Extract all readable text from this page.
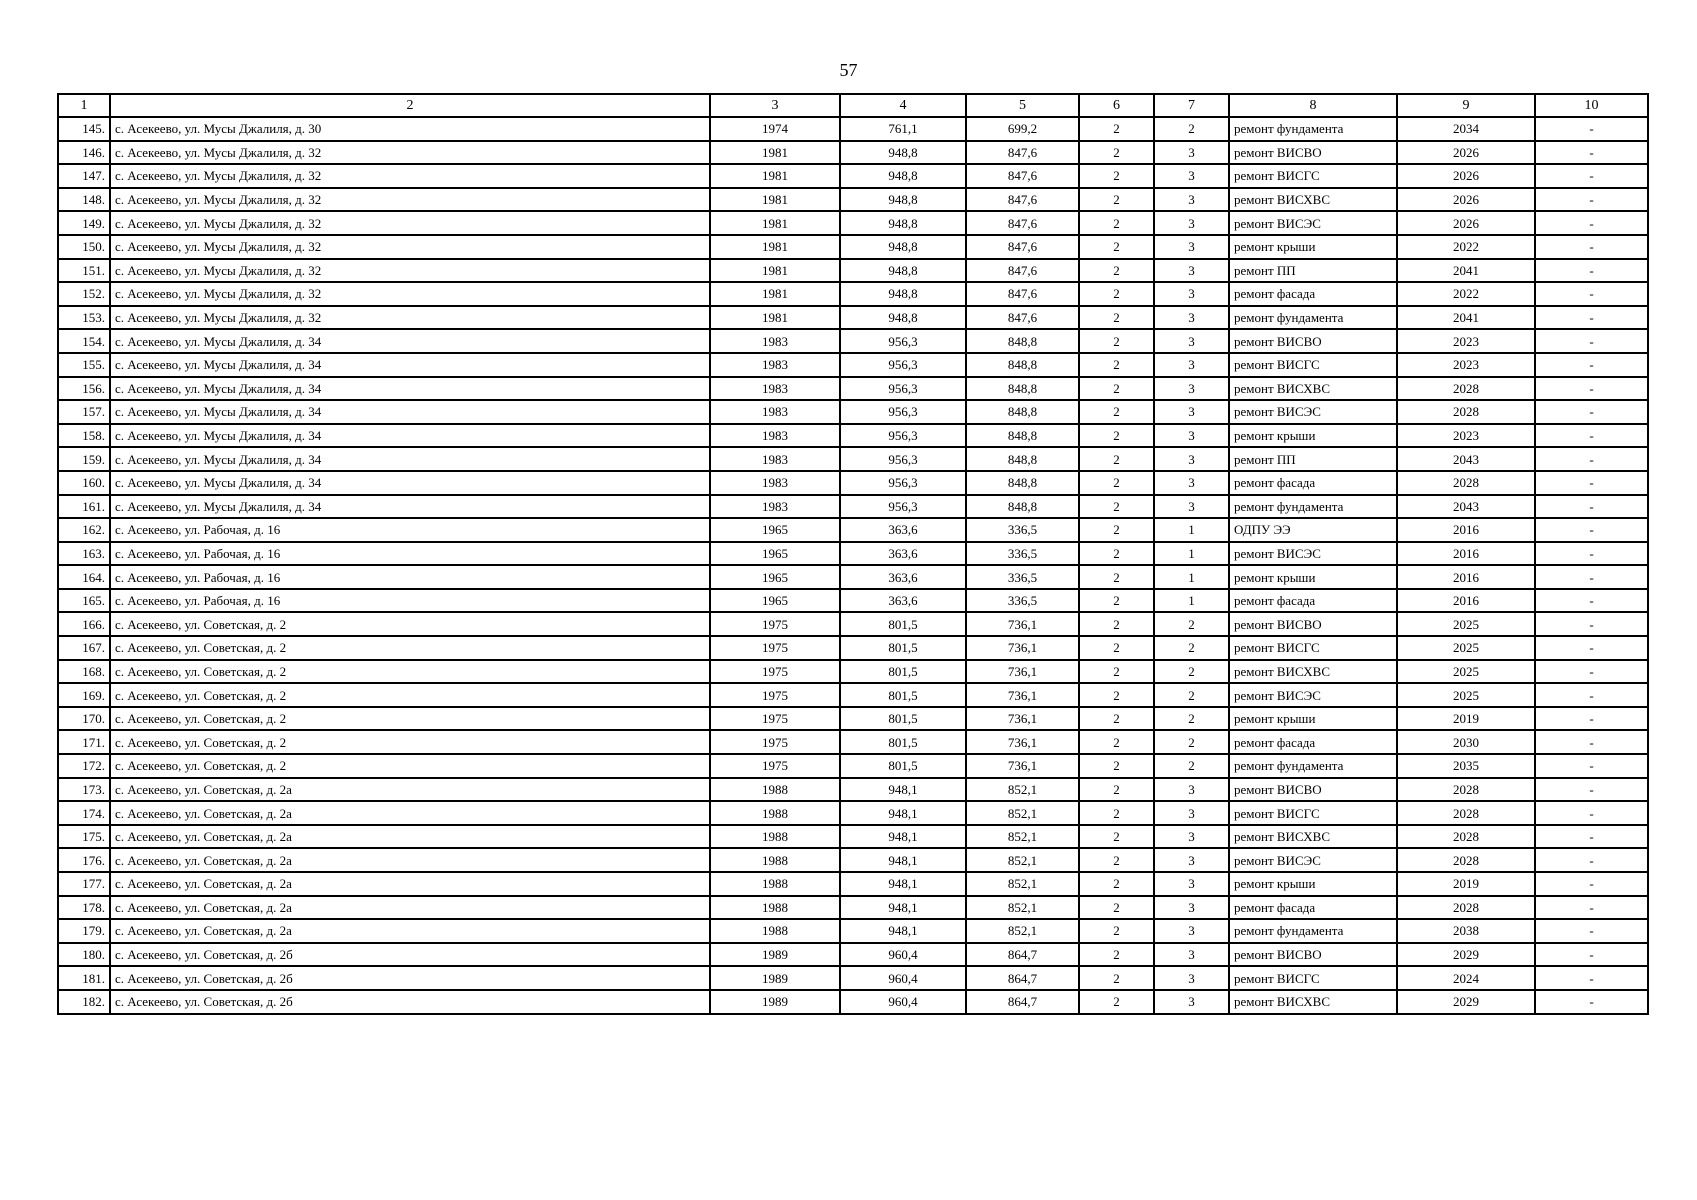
57
1	2	3	4	5	6	7	8	9	10
145.	с. Асекеево, ул. Мусы Джалиля, д. 30	1974	761,1	699,2	2	2	ремонт фундамента	2034	-
146.	с. Асекеево, ул. Мусы Джалиля, д. 32	1981	948,8	847,6	2	3	ремонт ВИСВО	2026	-
147.	с. Асекеево, ул. Мусы Джалиля, д. 32	1981	948,8	847,6	2	3	ремонт ВИСГС	2026	-
148.	с. Асекеево, ул. Мусы Джалиля, д. 32	1981	948,8	847,6	2	3	ремонт ВИСХВС	2026	-
149.	с. Асекеево, ул. Мусы Джалиля, д. 32	1981	948,8	847,6	2	3	ремонт ВИСЭС	2026	-
150.	с. Асекеево, ул. Мусы Джалиля, д. 32	1981	948,8	847,6	2	3	ремонт крыши	2022	-
151.	с. Асекеево, ул. Мусы Джалиля, д. 32	1981	948,8	847,6	2	3	ремонт ПП	2041	-
152.	с. Асекеево, ул. Мусы Джалиля, д. 32	1981	948,8	847,6	2	3	ремонт фасада	2022	-
153.	с. Асекеево, ул. Мусы Джалиля, д. 32	1981	948,8	847,6	2	3	ремонт фундамента	2041	-
154.	с. Асекеево, ул. Мусы Джалиля, д. 34	1983	956,3	848,8	2	3	ремонт ВИСВО	2023	-
155.	с. Асекеево, ул. Мусы Джалиля, д. 34	1983	956,3	848,8	2	3	ремонт ВИСГС	2023	-
156.	с. Асекеево, ул. Мусы Джалиля, д. 34	1983	956,3	848,8	2	3	ремонт ВИСХВС	2028	-
157.	с. Асекеево, ул. Мусы Джалиля, д. 34	1983	956,3	848,8	2	3	ремонт ВИСЭС	2028	-
158.	с. Асекеево, ул. Мусы Джалиля, д. 34	1983	956,3	848,8	2	3	ремонт крыши	2023	-
159.	с. Асекеево, ул. Мусы Джалиля, д. 34	1983	956,3	848,8	2	3	ремонт ПП	2043	-
160.	с. Асекеево, ул. Мусы Джалиля, д. 34	1983	956,3	848,8	2	3	ремонт фасада	2028	-
161.	с. Асекеево, ул. Мусы Джалиля, д. 34	1983	956,3	848,8	2	3	ремонт фундамента	2043	-
162.	с. Асекеево, ул. Рабочая, д. 16	1965	363,6	336,5	2	1	ОДПУ ЭЭ	2016	-
163.	с. Асекеево, ул. Рабочая, д. 16	1965	363,6	336,5	2	1	ремонт ВИСЭС	2016	-
164.	с. Асекеево, ул. Рабочая, д. 16	1965	363,6	336,5	2	1	ремонт крыши	2016	-
165.	с. Асекеево, ул. Рабочая, д. 16	1965	363,6	336,5	2	1	ремонт фасада	2016	-
166.	с. Асекеево, ул. Советская, д. 2	1975	801,5	736,1	2	2	ремонт ВИСВО	2025	-
167.	с. Асекеево, ул. Советская, д. 2	1975	801,5	736,1	2	2	ремонт ВИСГС	2025	-
168.	с. Асекеево, ул. Советская, д. 2	1975	801,5	736,1	2	2	ремонт ВИСХВС	2025	-
169.	с. Асекеево, ул. Советская, д. 2	1975	801,5	736,1	2	2	ремонт ВИСЭС	2025	-
170.	с. Асекеево, ул. Советская, д. 2	1975	801,5	736,1	2	2	ремонт крыши	2019	-
171.	с. Асекеево, ул. Советская, д. 2	1975	801,5	736,1	2	2	ремонт фасада	2030	-
172.	с. Асекеево, ул. Советская, д. 2	1975	801,5	736,1	2	2	ремонт фундамента	2035	-
173.	с. Асекеево, ул. Советская, д. 2а	1988	948,1	852,1	2	3	ремонт ВИСВО	2028	-
174.	с. Асекеево, ул. Советская, д. 2а	1988	948,1	852,1	2	3	ремонт ВИСГС	2028	-
175.	с. Асекеево, ул. Советская, д. 2а	1988	948,1	852,1	2	3	ремонт ВИСХВС	2028	-
176.	с. Асекеево, ул. Советская, д. 2а	1988	948,1	852,1	2	3	ремонт ВИСЭС	2028	-
177.	с. Асекеево, ул. Советская, д. 2а	1988	948,1	852,1	2	3	ремонт крыши	2019	-
178.	с. Асекеево, ул. Советская, д. 2а	1988	948,1	852,1	2	3	ремонт фасада	2028	-
179.	с. Асекеево, ул. Советская, д. 2а	1988	948,1	852,1	2	3	ремонт фундамента	2038	-
180.	с. Асекеево, ул. Советская, д. 2б	1989	960,4	864,7	2	3	ремонт ВИСВО	2029	-
181.	с. Асекеево, ул. Советская, д. 2б	1989	960,4	864,7	2	3	ремонт ВИСГС	2024	-
182.	с. Асекеево, ул. Советская, д. 2б	1989	960,4	864,7	2	3	ремонт ВИСХВС	2029	-
